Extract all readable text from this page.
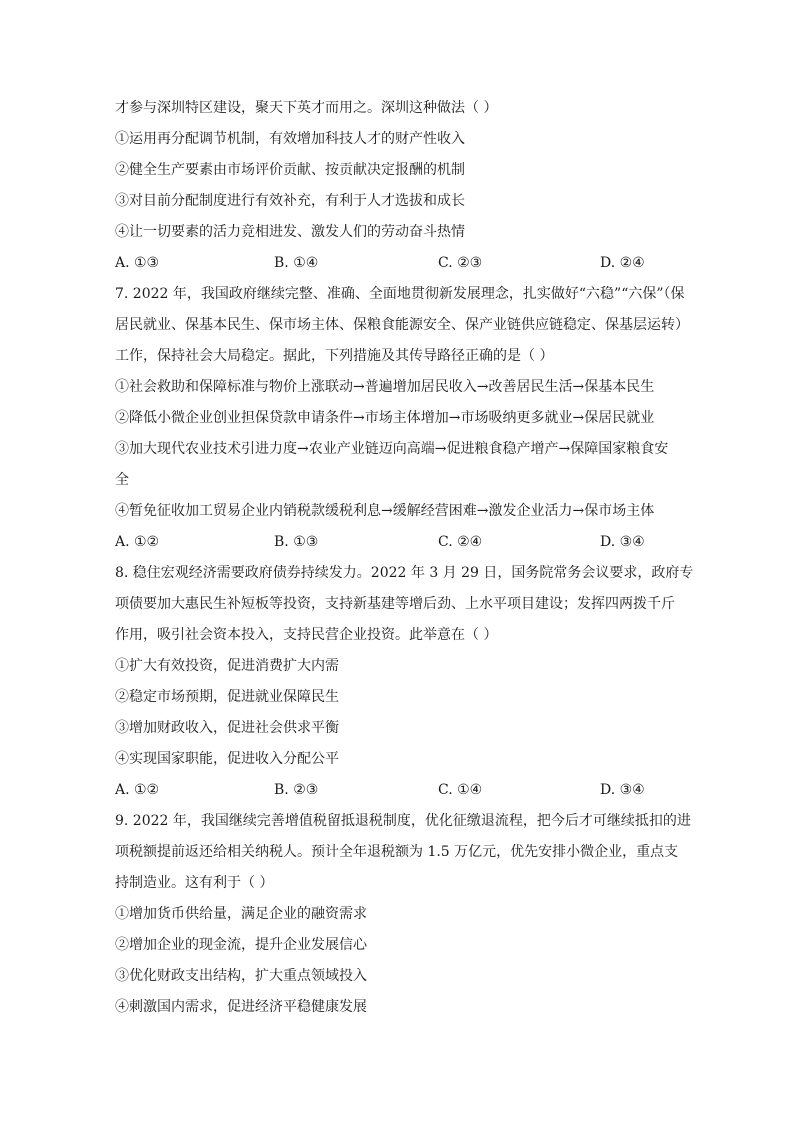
才参与深圳特区建设，聚天下英才而用之。深圳这种做法（ ）
①运用再分配调节机制，有效增加科技人才的财产性收入
②健全生产要素由市场评价贡献、按贡献决定报酬的机制
③对目前分配制度进行有效补充，有利于人才选拔和成长
④让一切要素的活力竞相进发、激发人们的劳动奋斗热情
A. ①③	B. ①④	C. ②③	D. ②④
7. 2022 年，我国政府继续完整、准确、全面地贯彻新发展理念，扎实做好“六稳”“六保”（保
居民就业、保基本民生、保市场主体、保粮食能源安全、保产业链供应链稳定、保基层运转）
工作，保持社会大局稳定。据此，下列措施及其传导路径正确的是（ ）
①社会救助和保障标准与物价上涨联动→普遍增加居民收入→改善居民生活→保基本民生
②降低小微企业创业担保贷款申请条件→市场主体增加→市场吸纳更多就业→保居民就业
③加大现代农业技术引进力度→农业产业链迈向高端→促进粮食稳产增产→保障国家粮食安
全
④暂免征收加工贸易企业内销税款缓税利息→缓解经营困难→激发企业活力→保市场主体
A. ①②	B. ①③	C. ②④	D. ③④
8. 稳住宏观经济需要政府债券持续发力。2022 年 3 月 29 日，国务院常务会议要求，政府专
项债要加大惠民生补短板等投资，支持新基建等增后劲、上水平项目建设；发挥四两拨千斤
作用，吸引社会资本投入，支持民营企业投资。此举意在（ ）
①扩大有效投资，促进消费扩大内需
②稳定市场预期，促进就业保障民生
③增加财政收入，促进社会供求平衡
④实现国家职能，促进收入分配公平
A. ①②	B. ②③	C. ①④	D. ③④
9. 2022 年，我国继续完善增值税留抵退税制度，优化征缴退流程，把今后才可继续抵扣的进
项税额提前返还给相关纳税人。预计全年退税额为 1.5 万亿元，优先安排小微企业，重点支
持制造业。这有利于（ ）
①增加货币供给量，满足企业的融资需求
②增加企业的现金流，提升企业发展信心
③优化财政支出结构，扩大重点领域投入
④刺激国内需求，促进经济平稳健康发展
